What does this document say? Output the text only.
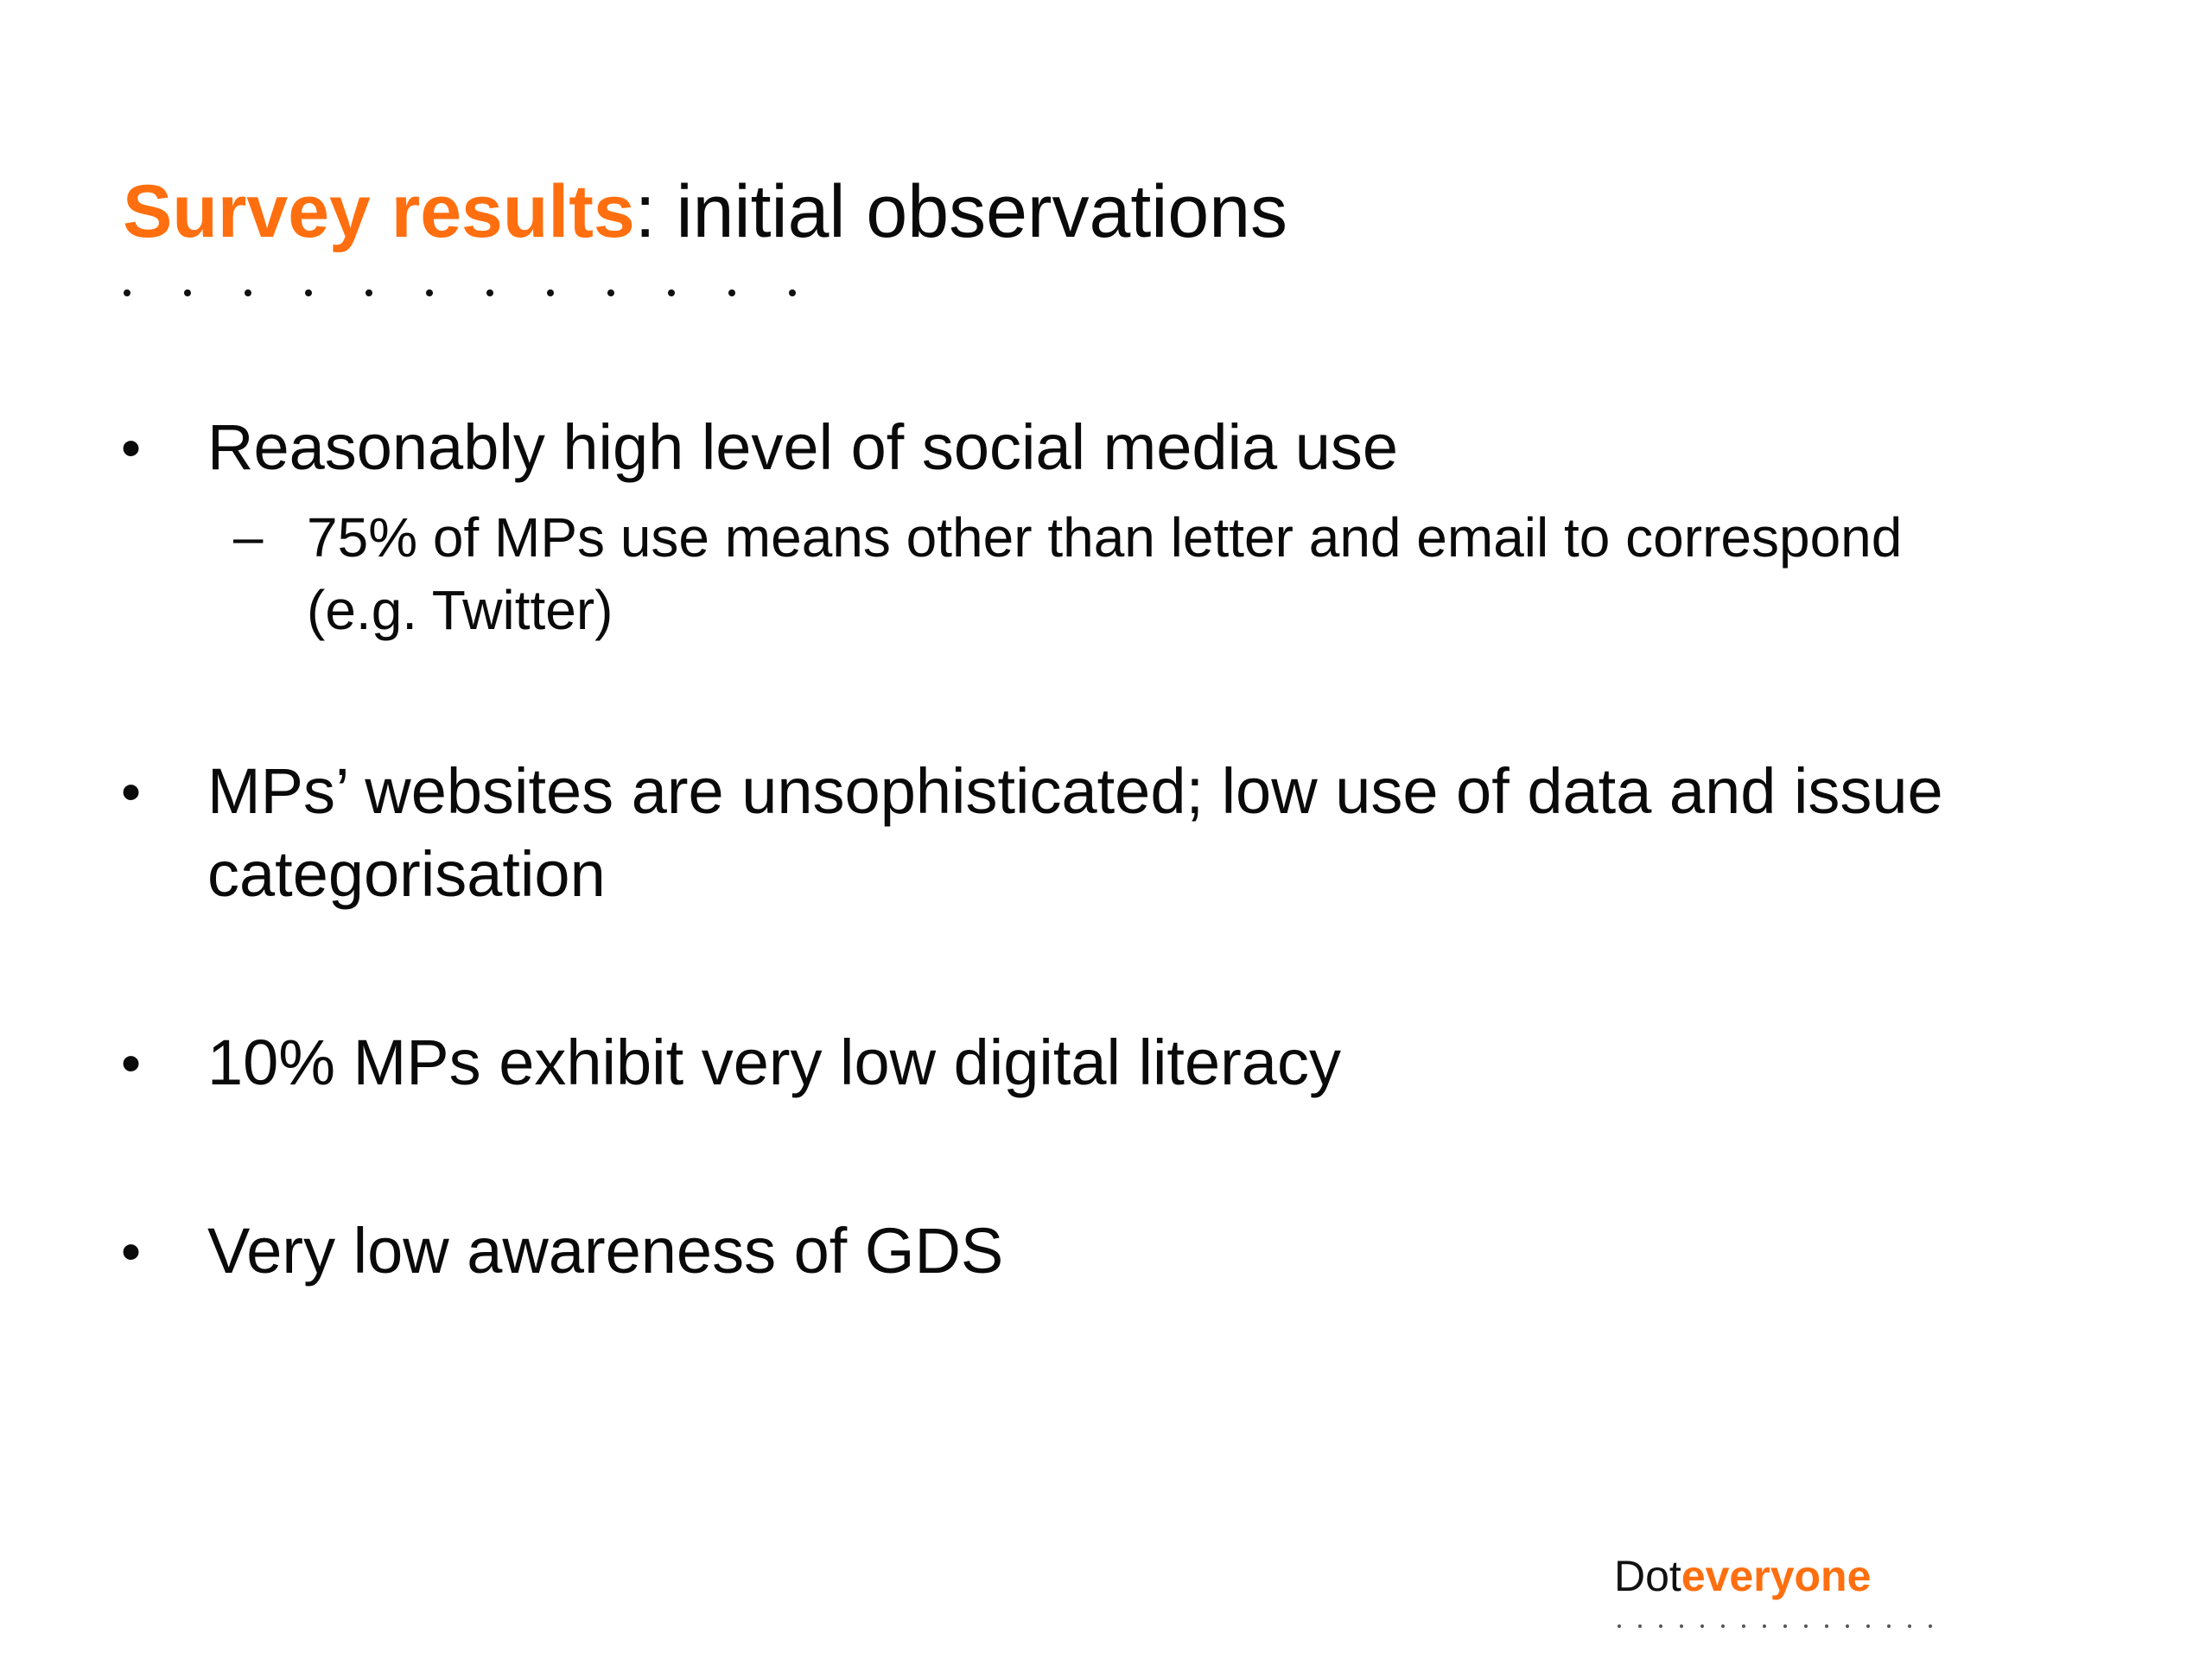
Survey results: initial observations
• Reasonably high level of social media use
– 75% of MPs use means other than letter and email to correspond
(e.g. Twitter)
• MPs’ websites are unsophisticated; low use of data and issue
categorisation
• 10% MPs exhibit very low digital literacy
• Very low awareness of GDS
Doteveryone
